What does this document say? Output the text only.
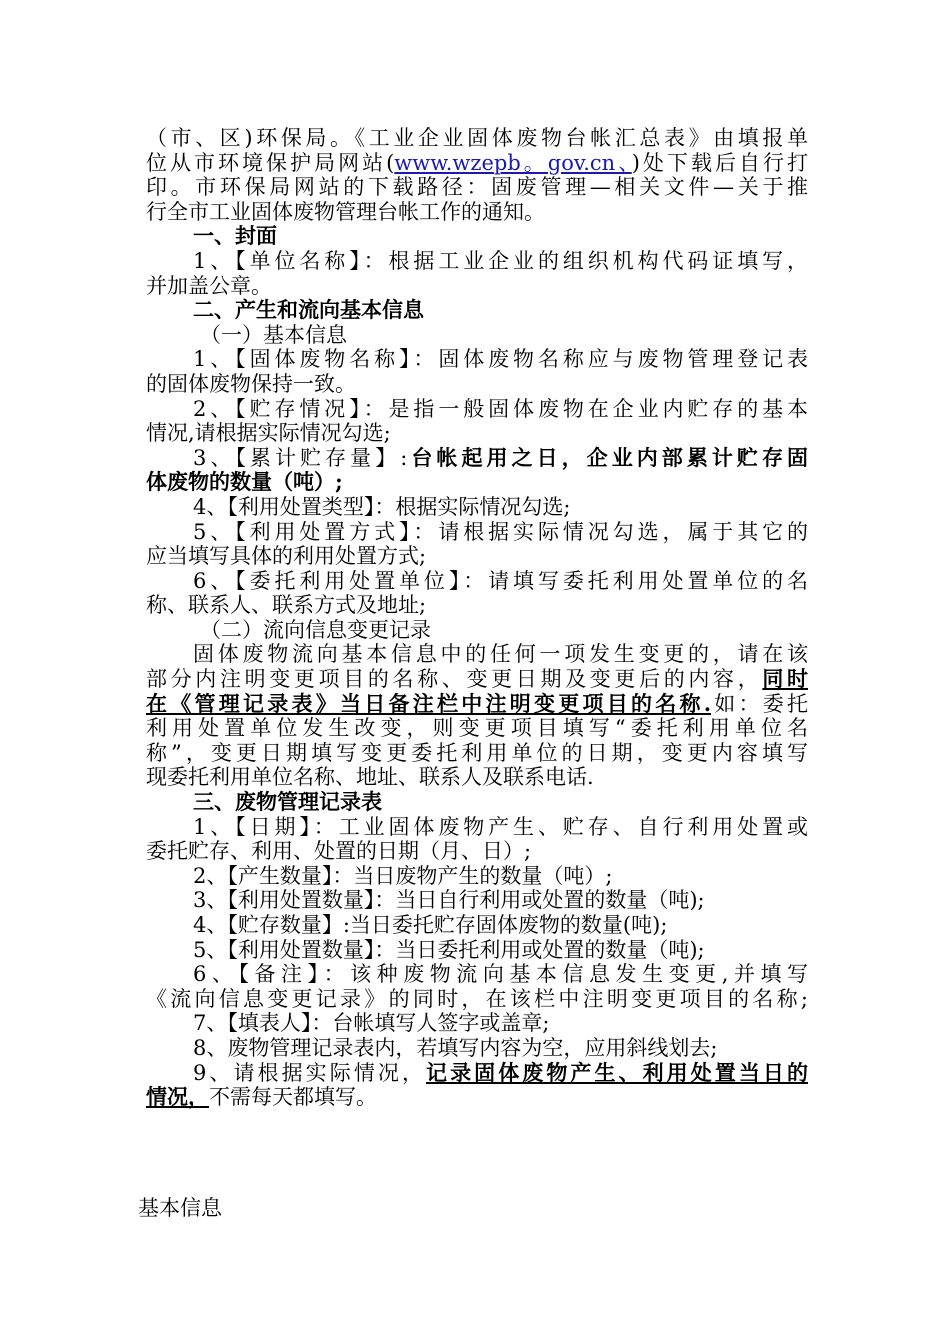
（市、区)环保局。《工业企业固体废物台帐汇总表》由填报单
位从市环境保护局网站(www.wzepb。gov.cn、)处下载后自行打
印。市环保局网站的下载路径：固废管理—相关文件—关于推
行全市工业固体废物管理台帐工作的通知。
一、封面
1、【单位名称】：根据工业企业的组织机构代码证填写，
并加盖公章。
二、产生和流向基本信息
（一）基本信息
1、【固体废物名称】：固体废物名称应与废物管理登记表
的固体废物保持一致。
2、【贮存情况】：是指一般固体废物在企业内贮存的基本
情况,请根据实际情况勾选;
3、【累计贮存量】:台帐起用之日，企业内部累计贮存固
体废物的数量（吨）;
4、【利用处置类型】：根据实际情况勾选;
5、【利用处置方式】：请根据实际情况勾选，属于其它的
应当填写具体的利用处置方式;
6、【委托利用处置单位】：请填写委托利用处置单位的名
称、联系人、联系方式及地址;
（二）流向信息变更记录
固体废物流向基本信息中的任何一项发生变更的，请在该
部分内注明变更项目的名称、变更日期及变更后的内容，同时
在《管理记录表》当日备注栏中注明变更项目的名称.如：委托
利用处置单位发生改变，则变更项目填写“委托利用单位名
称”，变更日期填写变更委托利用单位的日期，变更内容填写
现委托利用单位名称、地址、联系人及联系电话.
三、废物管理记录表
1、【日期】：工业固体废物产生、贮存、自行利用处置或
委托贮存、利用、处置的日期（月、日）;
2、【产生数量】：当日废物产生的数量（吨）;
3、【利用处置数量】：当日自行利用或处置的数量（吨);
4、【贮存数量】:当日委托贮存固体废物的数量(吨);
5、【利用处置数量】：当日委托利用或处置的数量（吨);
6、【备注】：该种废物流向基本信息发生变更,并填写
《流向信息变更记录》的同时，在该栏中注明变更项目的名称;
7、【填表人】：台帐填写人签字或盖章;
8、废物管理记录表内，若填写内容为空，应用斜线划去;
9、请根据实际情况，记录固体废物产生、利用处置当日的
情况，不需每天都填写。
基本信息
